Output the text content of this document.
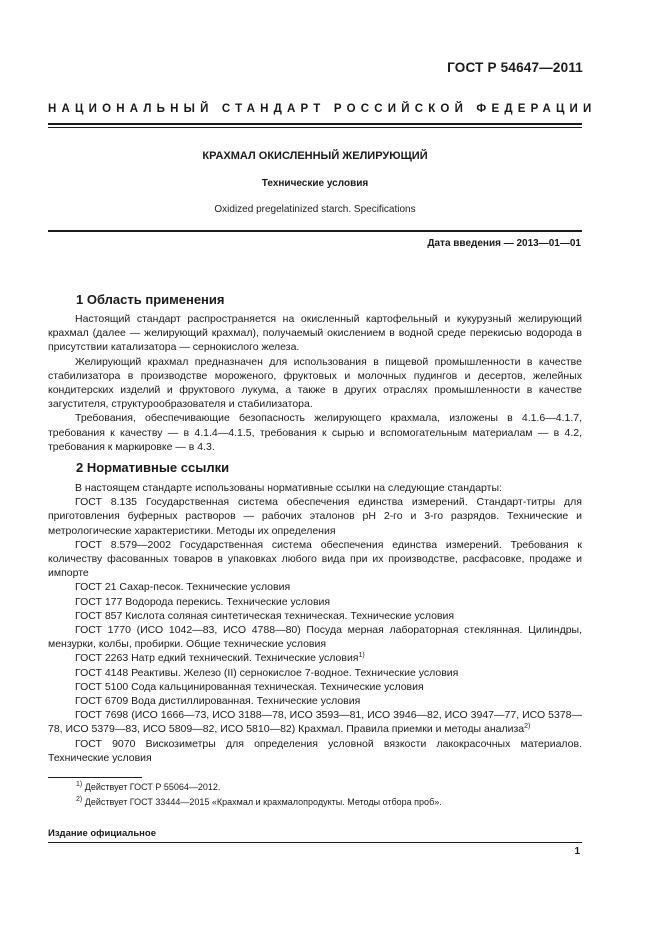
ГОСТ Р 54647—2011
НАЦИОНАЛЬНЫЙ СТАНДАРТ РОССИЙСКОЙ ФЕДЕРАЦИИ
КРАХМАЛ ОКИСЛЕННЫЙ ЖЕЛИРУЮЩИЙ
Технические условия
Oxidized pregelatinized starch. Specifications
Дата введения — 2013—01—01
1 Область применения

Настоящий стандарт распространяется на окисленный картофельный и кукурузный желирующий крахмал (далее — желирующий крахмал), получаемый окислением в водной среде перекисью водорода в присутствии катализатора — сернокислого железа.

Желирующий крахмал предназначен для использования в пищевой промышленности в качестве стабилизатора в производстве мороженого, фруктовых и молочных пудингов и десертов, желейных кондитерских изделий и фруктового лукума, а также в других отраслях промышленности в качестве загустителя, структурообразователя и стабилизатора.

Требования, обеспечивающие безопасность желирующего крахмала, изложены в 4.1.6—4.1.7, требования к качеству — в 4.1.4—4.1.5, требования к сырью и вспомогательным материалам — в 4.2, требования к маркировке — в 4.3.

2 Нормативные ссылки

В настоящем стандарте использованы нормативные ссылки на следующие стандарты:

ГОСТ 8.135 Государственная система обеспечения единства измерений. Стандарт-титры для приготовления буферных растворов — рабочих эталонов pH 2-го и 3-го разрядов. Технические и метрологические характеристики. Методы их определения

ГОСТ 8.579—2002 Государственная система обеспечения единства измерений. Требования к количеству фасованных товаров в упаковках любого вида при их производстве, расфасовке, продаже и импорте

ГОСТ 21 Сахар-песок. Технические условия

ГОСТ 177 Водорода перекись. Технические условия

ГОСТ 857 Кислота соляная синтетическая техническая. Технические условия

ГОСТ 1770 (ИСО 1042—83, ИСО 4788—80) Посуда мерная лабораторная стеклянная. Цилиндры, мензурки, колбы, пробирки. Общие технические условия

ГОСТ 2263 Натр едкий технический. Технические условия$^{1)}$

ГОСТ 4148 Реактивы. Железо (II) сернокислое 7-водное. Технические условия

ГОСТ 5100 Сода кальцинированная техническая. Технические условия

ГОСТ 6709 Вода дистиллированная. Технические условия

ГОСТ 7698 (ИСО 1666—73, ИСО 3188—78, ИСО 3593—81, ИСО 3946—82, ИСО 3947—77, ИСО 5378—78, ИСО 5379—83, ИСО 5809—82, ИСО 5810—82) Крахмал. Правила приемки и методы анализа$^{2)}$

ГОСТ 9070 Вискозиметры для определения условной вязкости лакокрасочных материалов. Технические условия

$^{1)}$ Действует ГОСТ Р 55064—2012.
$^{2)}$ Действует ГОСТ 33444—2015 «Крахмал и крахмалопродукты. Методы отбора проб».
Издание официальное
1
